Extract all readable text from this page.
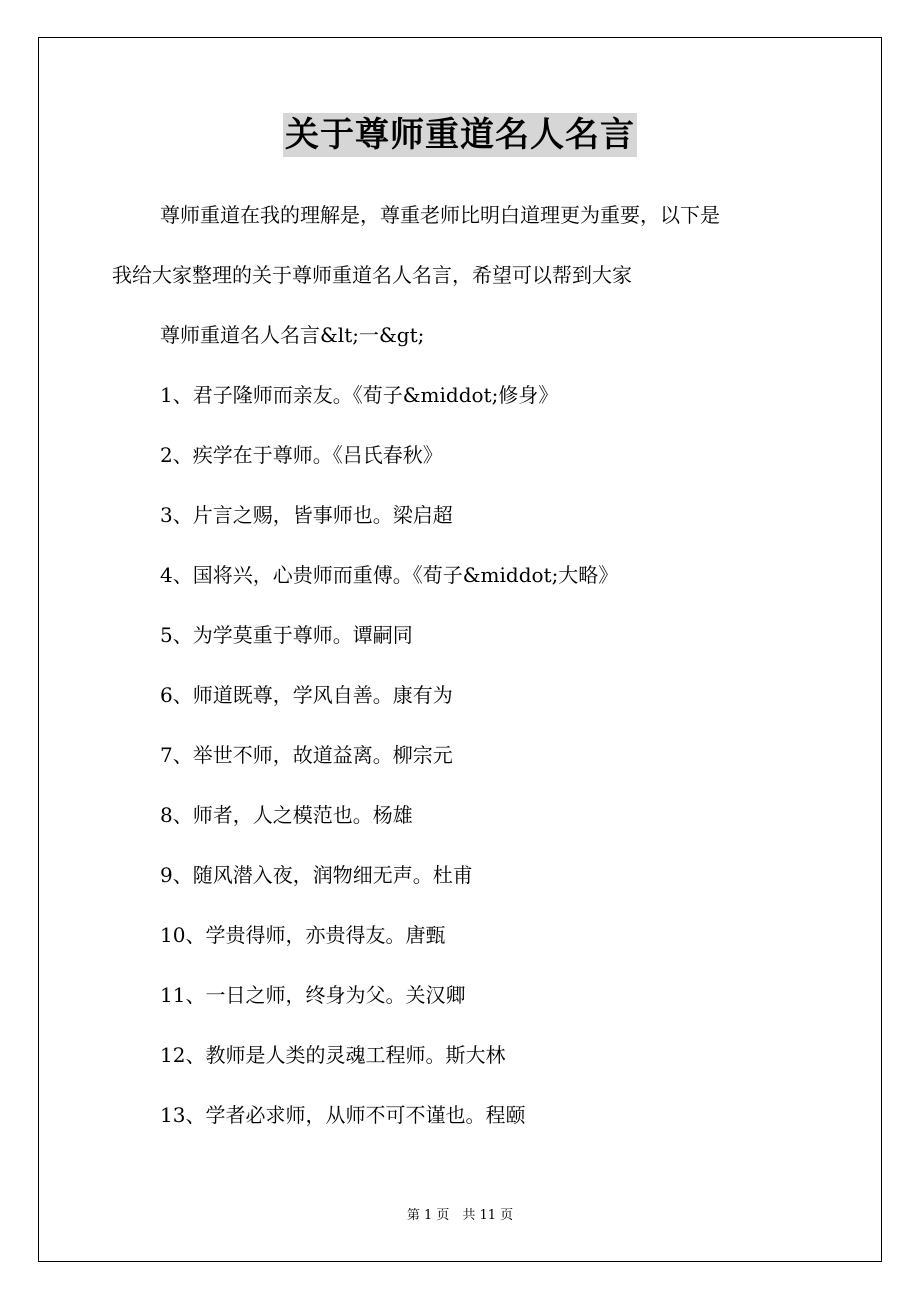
关于尊师重道名人名言
尊师重道在我的理解是，尊重老师比明白道理更为重要，以下是
我给大家整理的关于尊师重道名人名言，希望可以帮到大家
尊师重道名人名言&lt;一&gt;
1、君子隆师而亲友。《荀子&middot;修身》
2、疾学在于尊师。《吕氏春秋》
3、片言之赐，皆事师也。梁启超
4、国将兴，心贵师而重傅。《荀子&middot;大略》
5、为学莫重于尊师。谭嗣同
6、师道既尊，学风自善。康有为
7、举世不师，故道益离。柳宗元
8、师者，人之模范也。杨雄
9、随风潜入夜，润物细无声。杜甫
10、学贵得师，亦贵得友。唐甄
11、一日之师，终身为父。关汉卿
12、教师是人类的灵魂工程师。斯大林
13、学者必求师，从师不可不谨也。程颐
第 1 页　共 11 页
